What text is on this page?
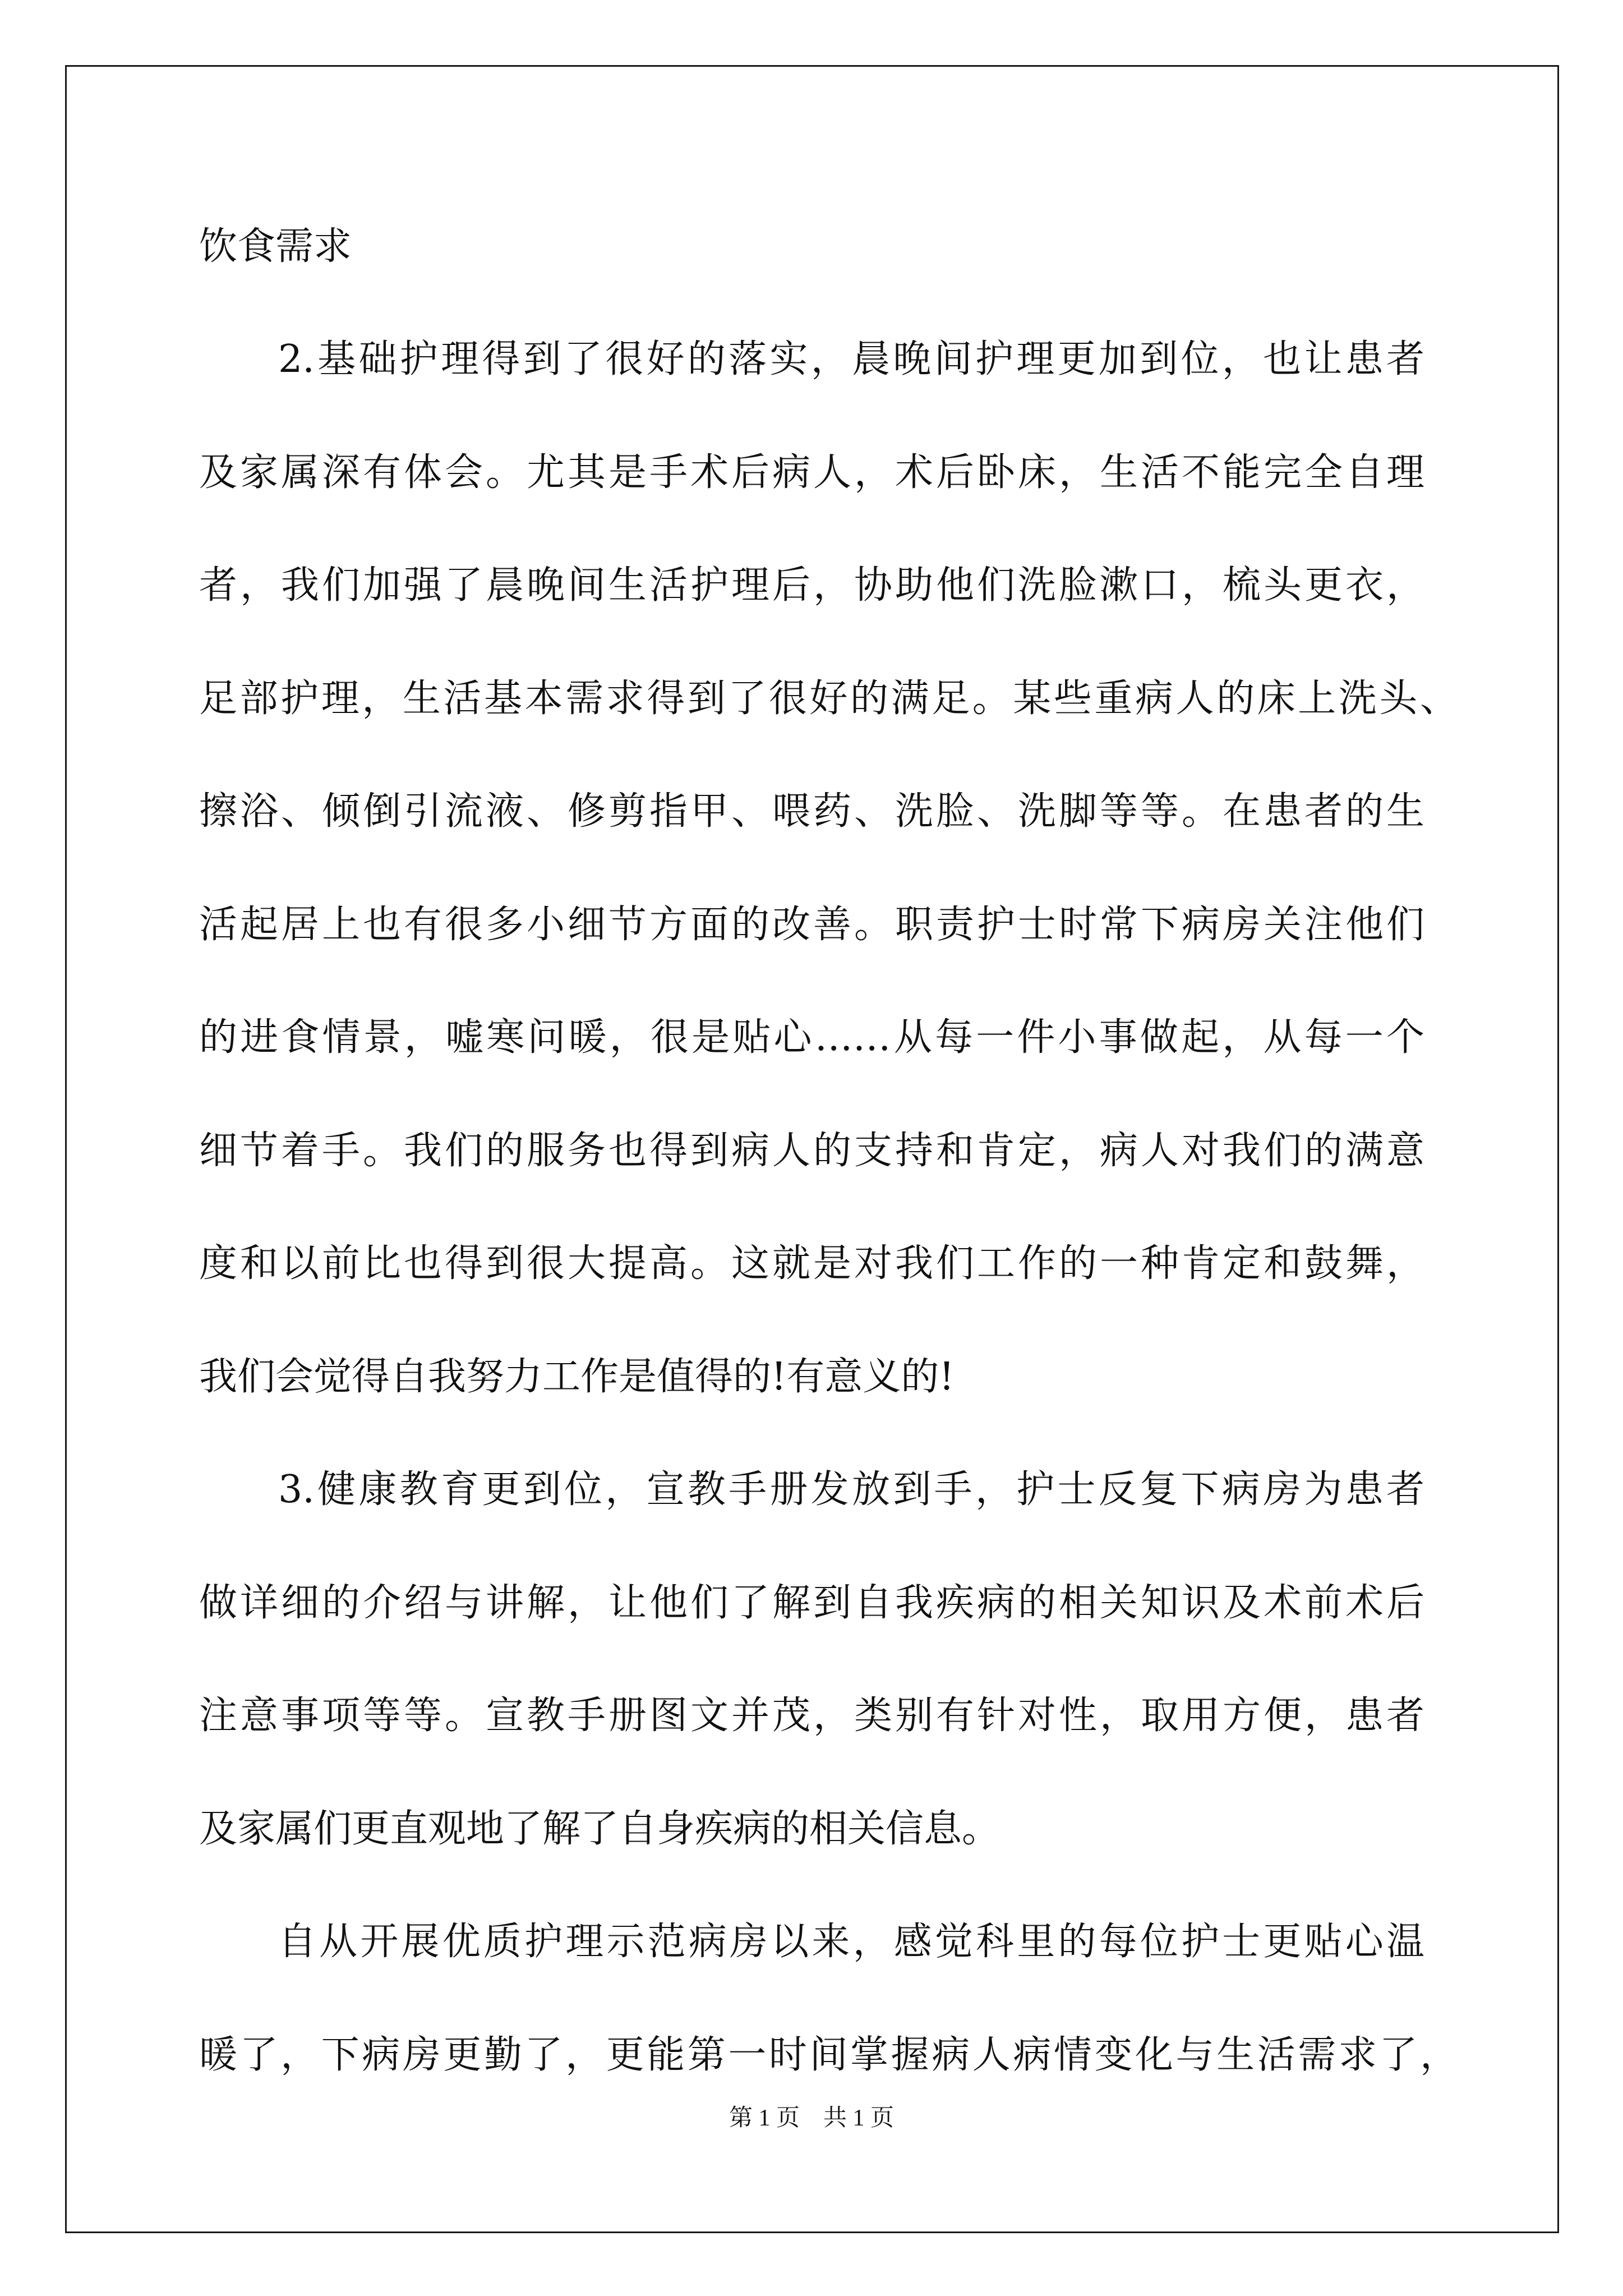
饮食需求
2.基础护理得到了很好的落实，晨晚间护理更加到位，也让患者
及家属深有体会。尤其是手术后病人，术后卧床，生活不能完全自理
者，我们加强了晨晚间生活护理后，协助他们洗脸漱口，梳头更衣，
足部护理，生活基本需求得到了很好的满足。某些重病人的床上洗头、
擦浴、倾倒引流液、修剪指甲、喂药、洗脸、洗脚等等。在患者的生
活起居上也有很多小细节方面的改善。职责护士时常下病房关注他们
的进食情景，嘘寒问暖，很是贴心……从每一件小事做起，从每一个
细节着手。我们的服务也得到病人的支持和肯定，病人对我们的满意
度和以前比也得到很大提高。这就是对我们工作的一种肯定和鼓舞，
我们会觉得自我努力工作是值得的!有意义的!
3.健康教育更到位，宣教手册发放到手，护士反复下病房为患者
做详细的介绍与讲解，让他们了解到自我疾病的相关知识及术前术后
注意事项等等。宣教手册图文并茂，类别有针对性，取用方便，患者
及家属们更直观地了解了自身疾病的相关信息。
自从开展优质护理示范病房以来，感觉科里的每位护士更贴心温
暖了，下病房更勤了，更能第一时间掌握病人病情变化与生活需求了，
第 1 页　共 1 页
